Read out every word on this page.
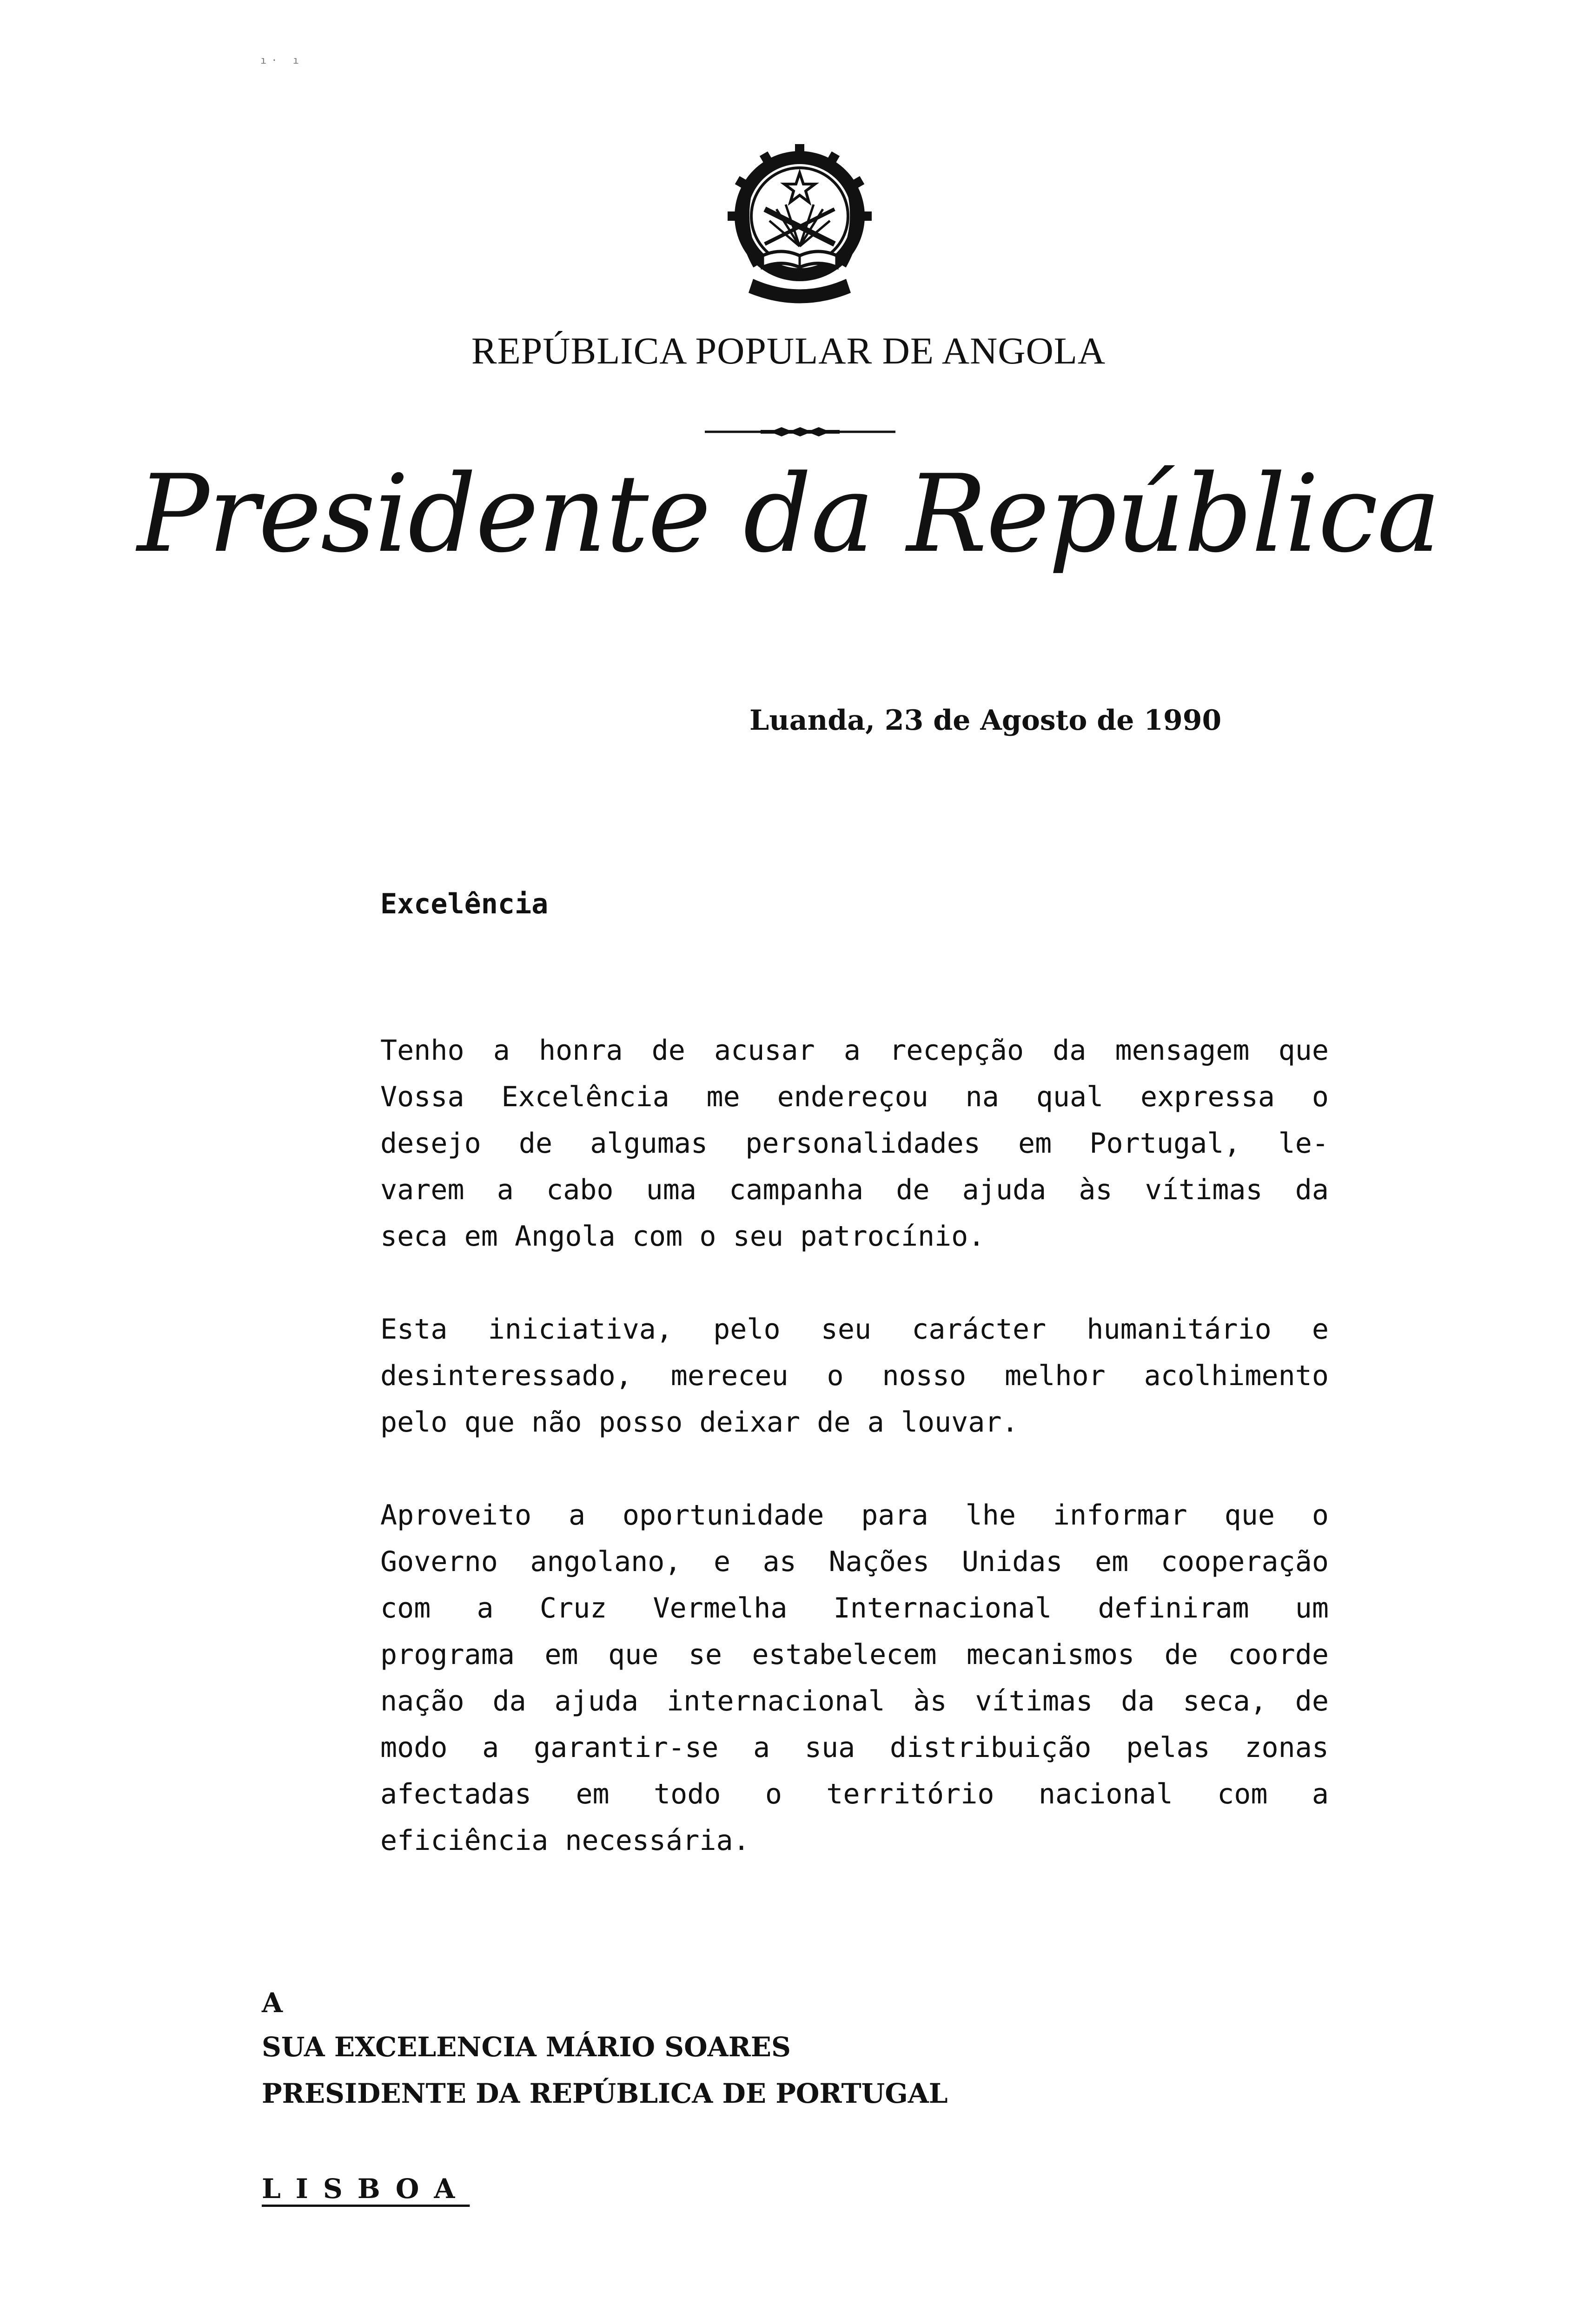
ı· ı
REPÚBLICA POPULAR DE ANGOLA
Presidente da República
Luanda, 23 de Agosto de 1990
Excelência
Tenho a honra de acusar a recepção da mensagem que
Vossa Excelência me endereçou na qual expressa o
desejo de algumas personalidades em Portugal, le-
varem a cabo uma campanha de ajuda às vítimas da
seca em Angola com o seu patrocínio.
Esta iniciativa, pelo seu carácter humanitário e
desinteressado, mereceu o nosso melhor acolhimento
pelo que não posso deixar de a louvar.
Aproveito a oportunidade para lhe informar que o
Governo angolano, e as Nações Unidas em cooperação
com a Cruz Vermelha Internacional definiram um
programa em que se estabelecem mecanismos de coorde
nação da ajuda internacional às vítimas da seca, de
modo a garantir-se a sua distribuição pelas zonas
afectadas em todo o território nacional com a
eficiência necessária.
A
SUA EXCELENCIA MÁRIO SOARES
PRESIDENTE DA REPÚBLICA DE PORTUGAL
LISBOA
